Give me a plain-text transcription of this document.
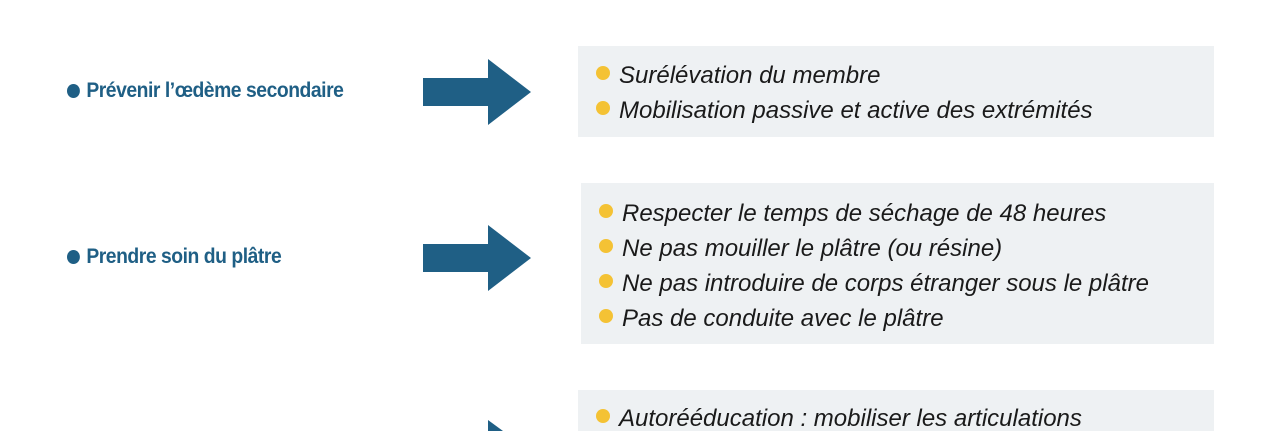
Prévenir l’œdème secondaire
Surélévation du membre
Mobilisation passive et active des extrémités
Prendre soin du plâtre
Respecter le temps de séchage de 48 heures
Ne pas mouiller le plâtre (ou résine)
Ne pas introduire de corps étranger sous le plâtre
Pas de conduite avec le plâtre
Autorééducation : mobiliser les articulations
